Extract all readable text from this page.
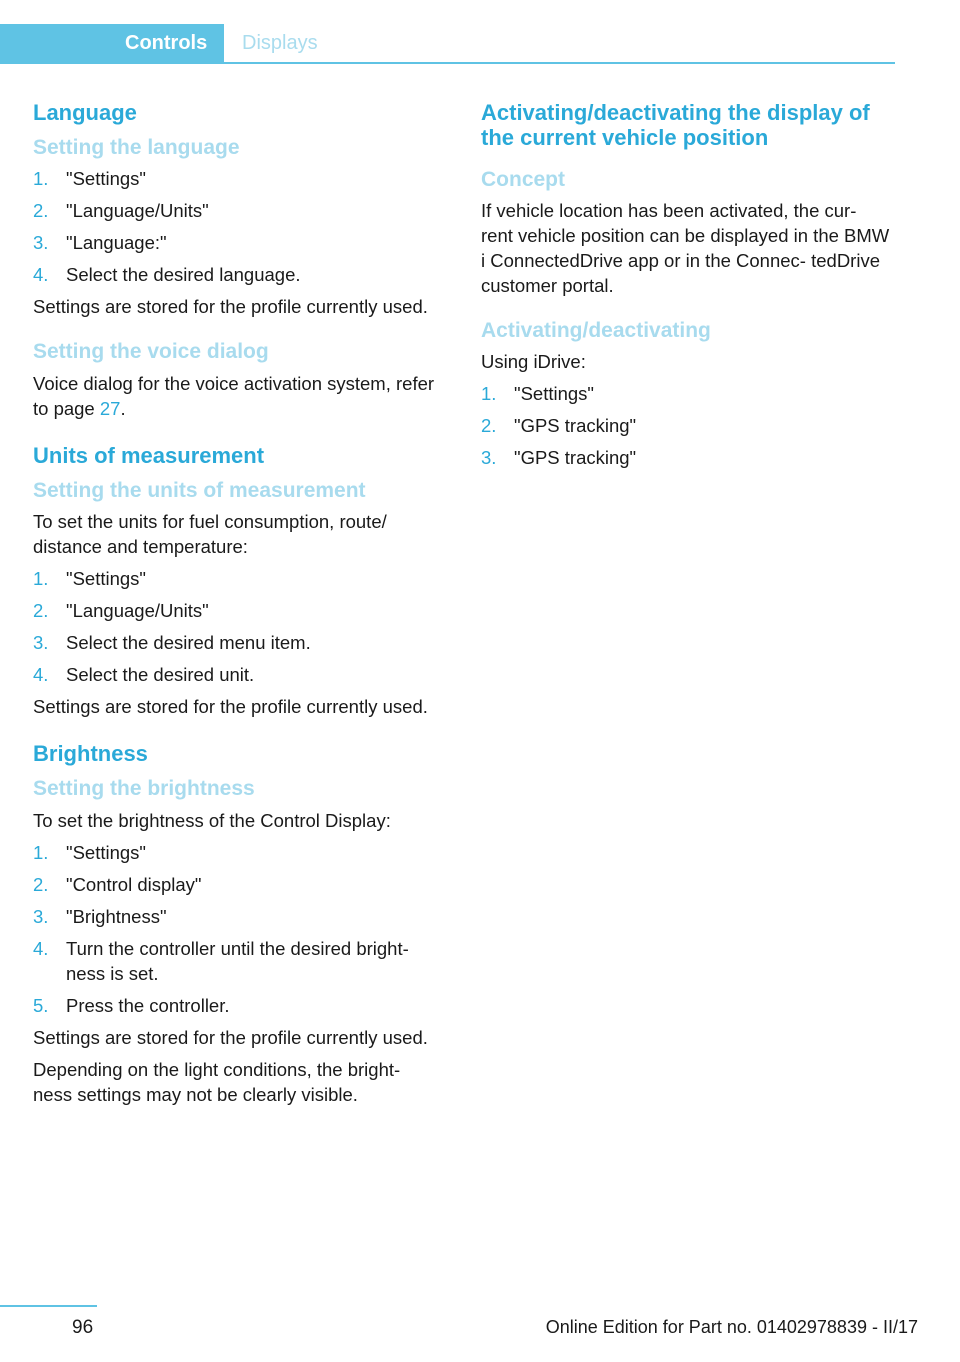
Controls	Displays
Language
Setting the language
1. "Settings"
2. "Language/Units"
3. "Language:"
4. Select the desired language.

Settings are stored for the profile currently used.

Setting the voice dialog

Voice dialog for the voice activation system, refer to page 27.

Units of measurement
Setting the units of measurement

To set the units for fuel consumption, route/ distance and temperature:

1. "Settings"
2. "Language/Units"
3. Select the desired menu item.
4. Select the desired unit.

Settings are stored for the profile currently used.

Brightness
Setting the brightness

To set the brightness of the Control Display:

1. "Settings"
2. "Control display"
3. "Brightness"
4. Turn the controller until the desired bright‐ ness is set.
5. Press the controller.

Settings are stored for the profile currently used.

Depending on the light conditions, the bright‐ ness settings may not be clearly visible.

Activating/deactivating the display of the current vehicle position
Concept

If vehicle location has been activated, the cur‐ rent vehicle position can be displayed in the BMW i ConnectedDrive app or in the Connec‐ tedDrive customer portal.

Activating/deactivating

Using iDrive:

1. "Settings"
2. "GPS tracking"
3. "GPS tracking"
96	Online Edition for Part no. 01402978839 - II/17
